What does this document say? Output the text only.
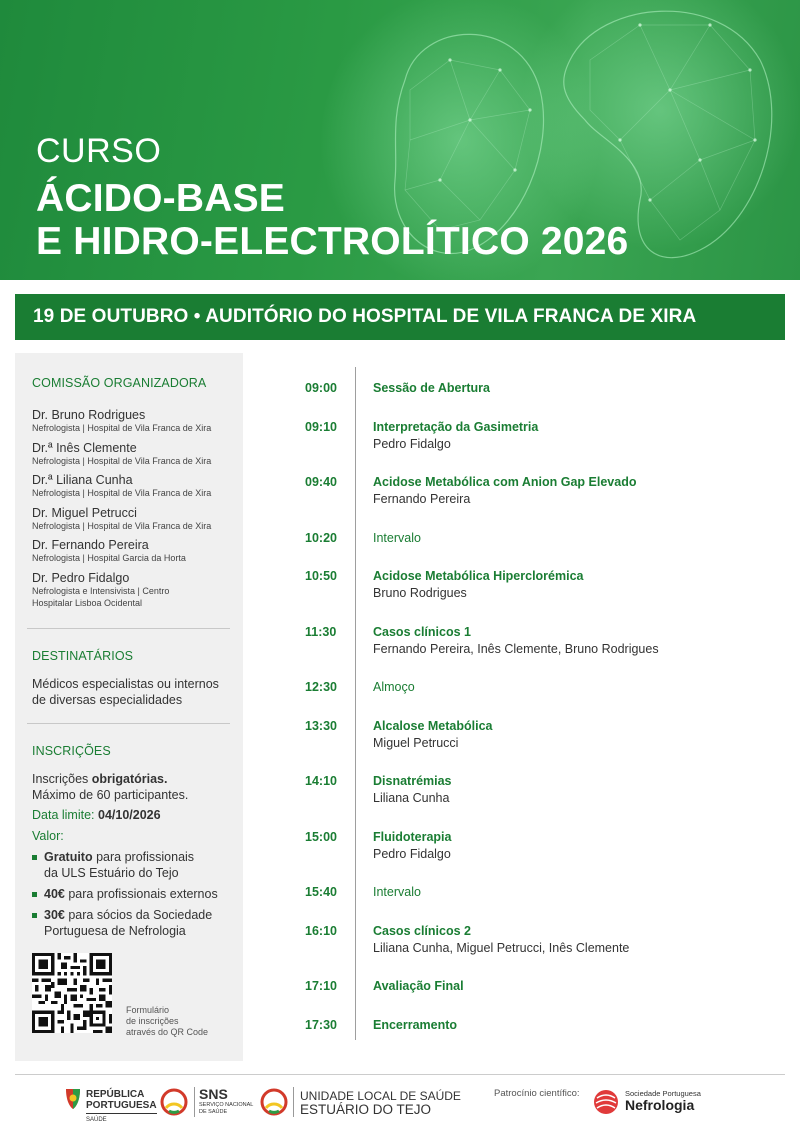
CURSO
ÁCIDO-BASE
E HIDRO-ELECTROLÍTICO 2026
19 DE OUTUBRO • AUDITÓRIO DO HOSPITAL DE VILA FRANCA DE XIRA
COMISSÃO ORGANIZADORA
Dr. Bruno Rodrigues
Nefrologista | Hospital de Vila Franca de Xira
Dr.ª Inês Clemente
Nefrologista | Hospital de Vila Franca de Xira
Dr.ª Liliana Cunha
Nefrologista | Hospital de Vila Franca de Xira
Dr. Miguel Petrucci
Nefrologista | Hospital de Vila Franca de Xira
Dr. Fernando Pereira
Nefrologista | Hospital Garcia da Horta
Dr. Pedro Fidalgo
Nefrologista e Intensivista | Centro
Hospitalar Lisboa Ocidental
DESTINATÁRIOS
Médicos especialistas ou internos
de diversas especialidades
INSCRIÇÕES
Inscrições obrigatórias.
Máximo de 60 participantes.
Data limite: 04/10/2026
Valor:
Gratuito para profissionais
da ULS Estuário do Tejo
40€ para profissionais externos
30€ para sócios da Sociedade
Portuguesa de Nefrologia
Formulário
de inscrições
através do QR Code
09:00	Sessão de Abertura
09:10	Interpretação da Gasimetria
Pedro Fidalgo
09:40	Acidose Metabólica com Anion Gap Elevado
Fernando Pereira
10:20	Intervalo
10:50	Acidose Metabólica Hiperclorémica
Bruno Rodrigues
11:30	Casos clínicos 1
Fernando Pereira, Inês Clemente, Bruno Rodrigues
12:30	Almoço
13:30	Alcalose Metabólica
Miguel Petrucci
14:10	Disnatrémias
Liliana Cunha
15:00	Fluidoterapia
Pedro Fidalgo
15:40	Intervalo
16:10	Casos clínicos 2
Liliana Cunha, Miguel Petrucci, Inês Clemente
17:10	Avaliação Final
17:30	Encerramento
REPÚBLICA
PORTUGUESA
SAÚDE
SNS
SERVIÇO NACIONAL
DE SAÚDE
UNIDADE LOCAL DE SAÚDE
ESTUÁRIO DO TEJO
Patrocínio científico:	Sociedade Portuguesa
Nefrologia
